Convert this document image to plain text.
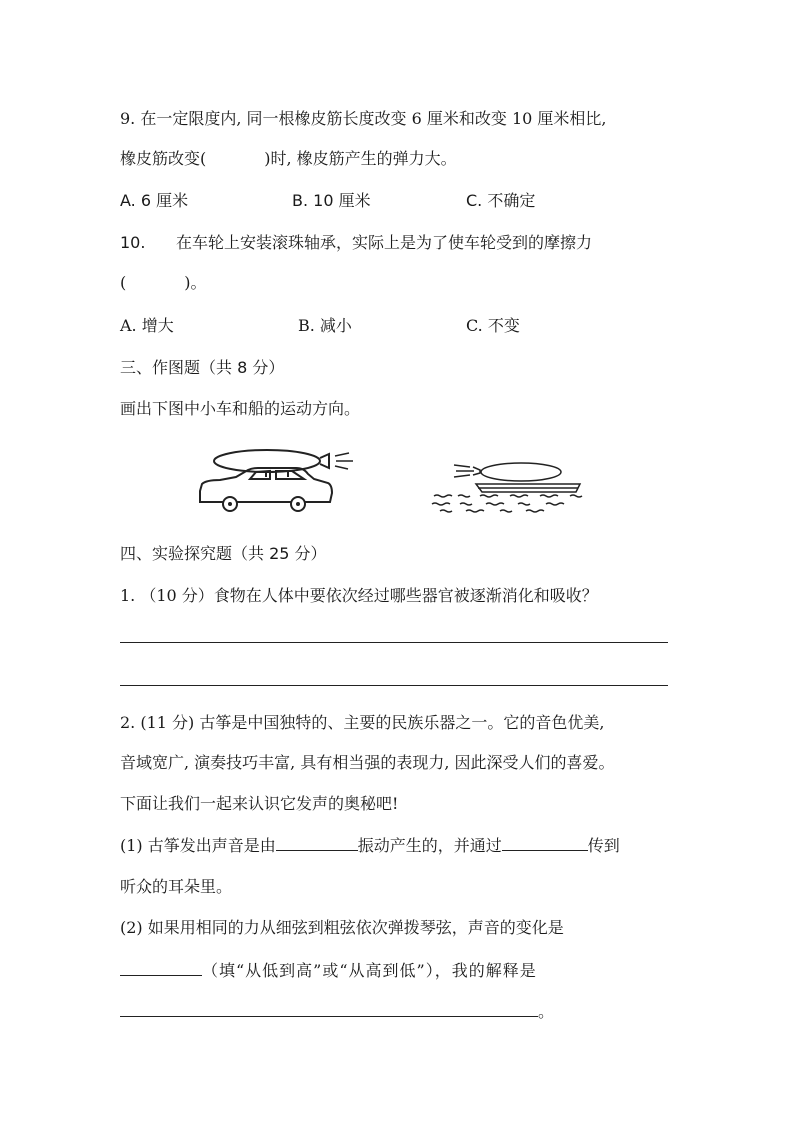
9. 在一定限度内, 同一根橡皮筋长度改变 6 厘米和改变 10 厘米相比,
橡皮筋改变(	)时, 橡皮筋产生的弹力大。
A. 6 厘米	B. 10 厘米	C. 不确定
10. 在车轮上安装滚珠轴承，实际上是为了使车轮受到的摩擦力
(	)。
A. 增大	B. 减小	C. 不变
三、作图题（共 8 分）
画出下图中小车和船的运动方向。
四、实验探究题（共 25 分）
1. （10 分）食物在人体中要依次经过哪些器官被逐渐消化和吸收？
2. (11 分) 古筝是中国独特的、主要的民族乐器之一。它的音色优美,
音域宽广, 演奏技巧丰富, 具有相当强的表现力, 因此深受人们的喜爱。
下面让我们一起来认识它发声的奥秘吧!
(1) 古筝发出声音是由	振动产生的，并通过	传到
听众的耳朵里。
(2) 如果用相同的力从细弦到粗弦依次弹拨琴弦，声音的变化是
（填“从低到高”或“从高到低”），我的解释是
。
